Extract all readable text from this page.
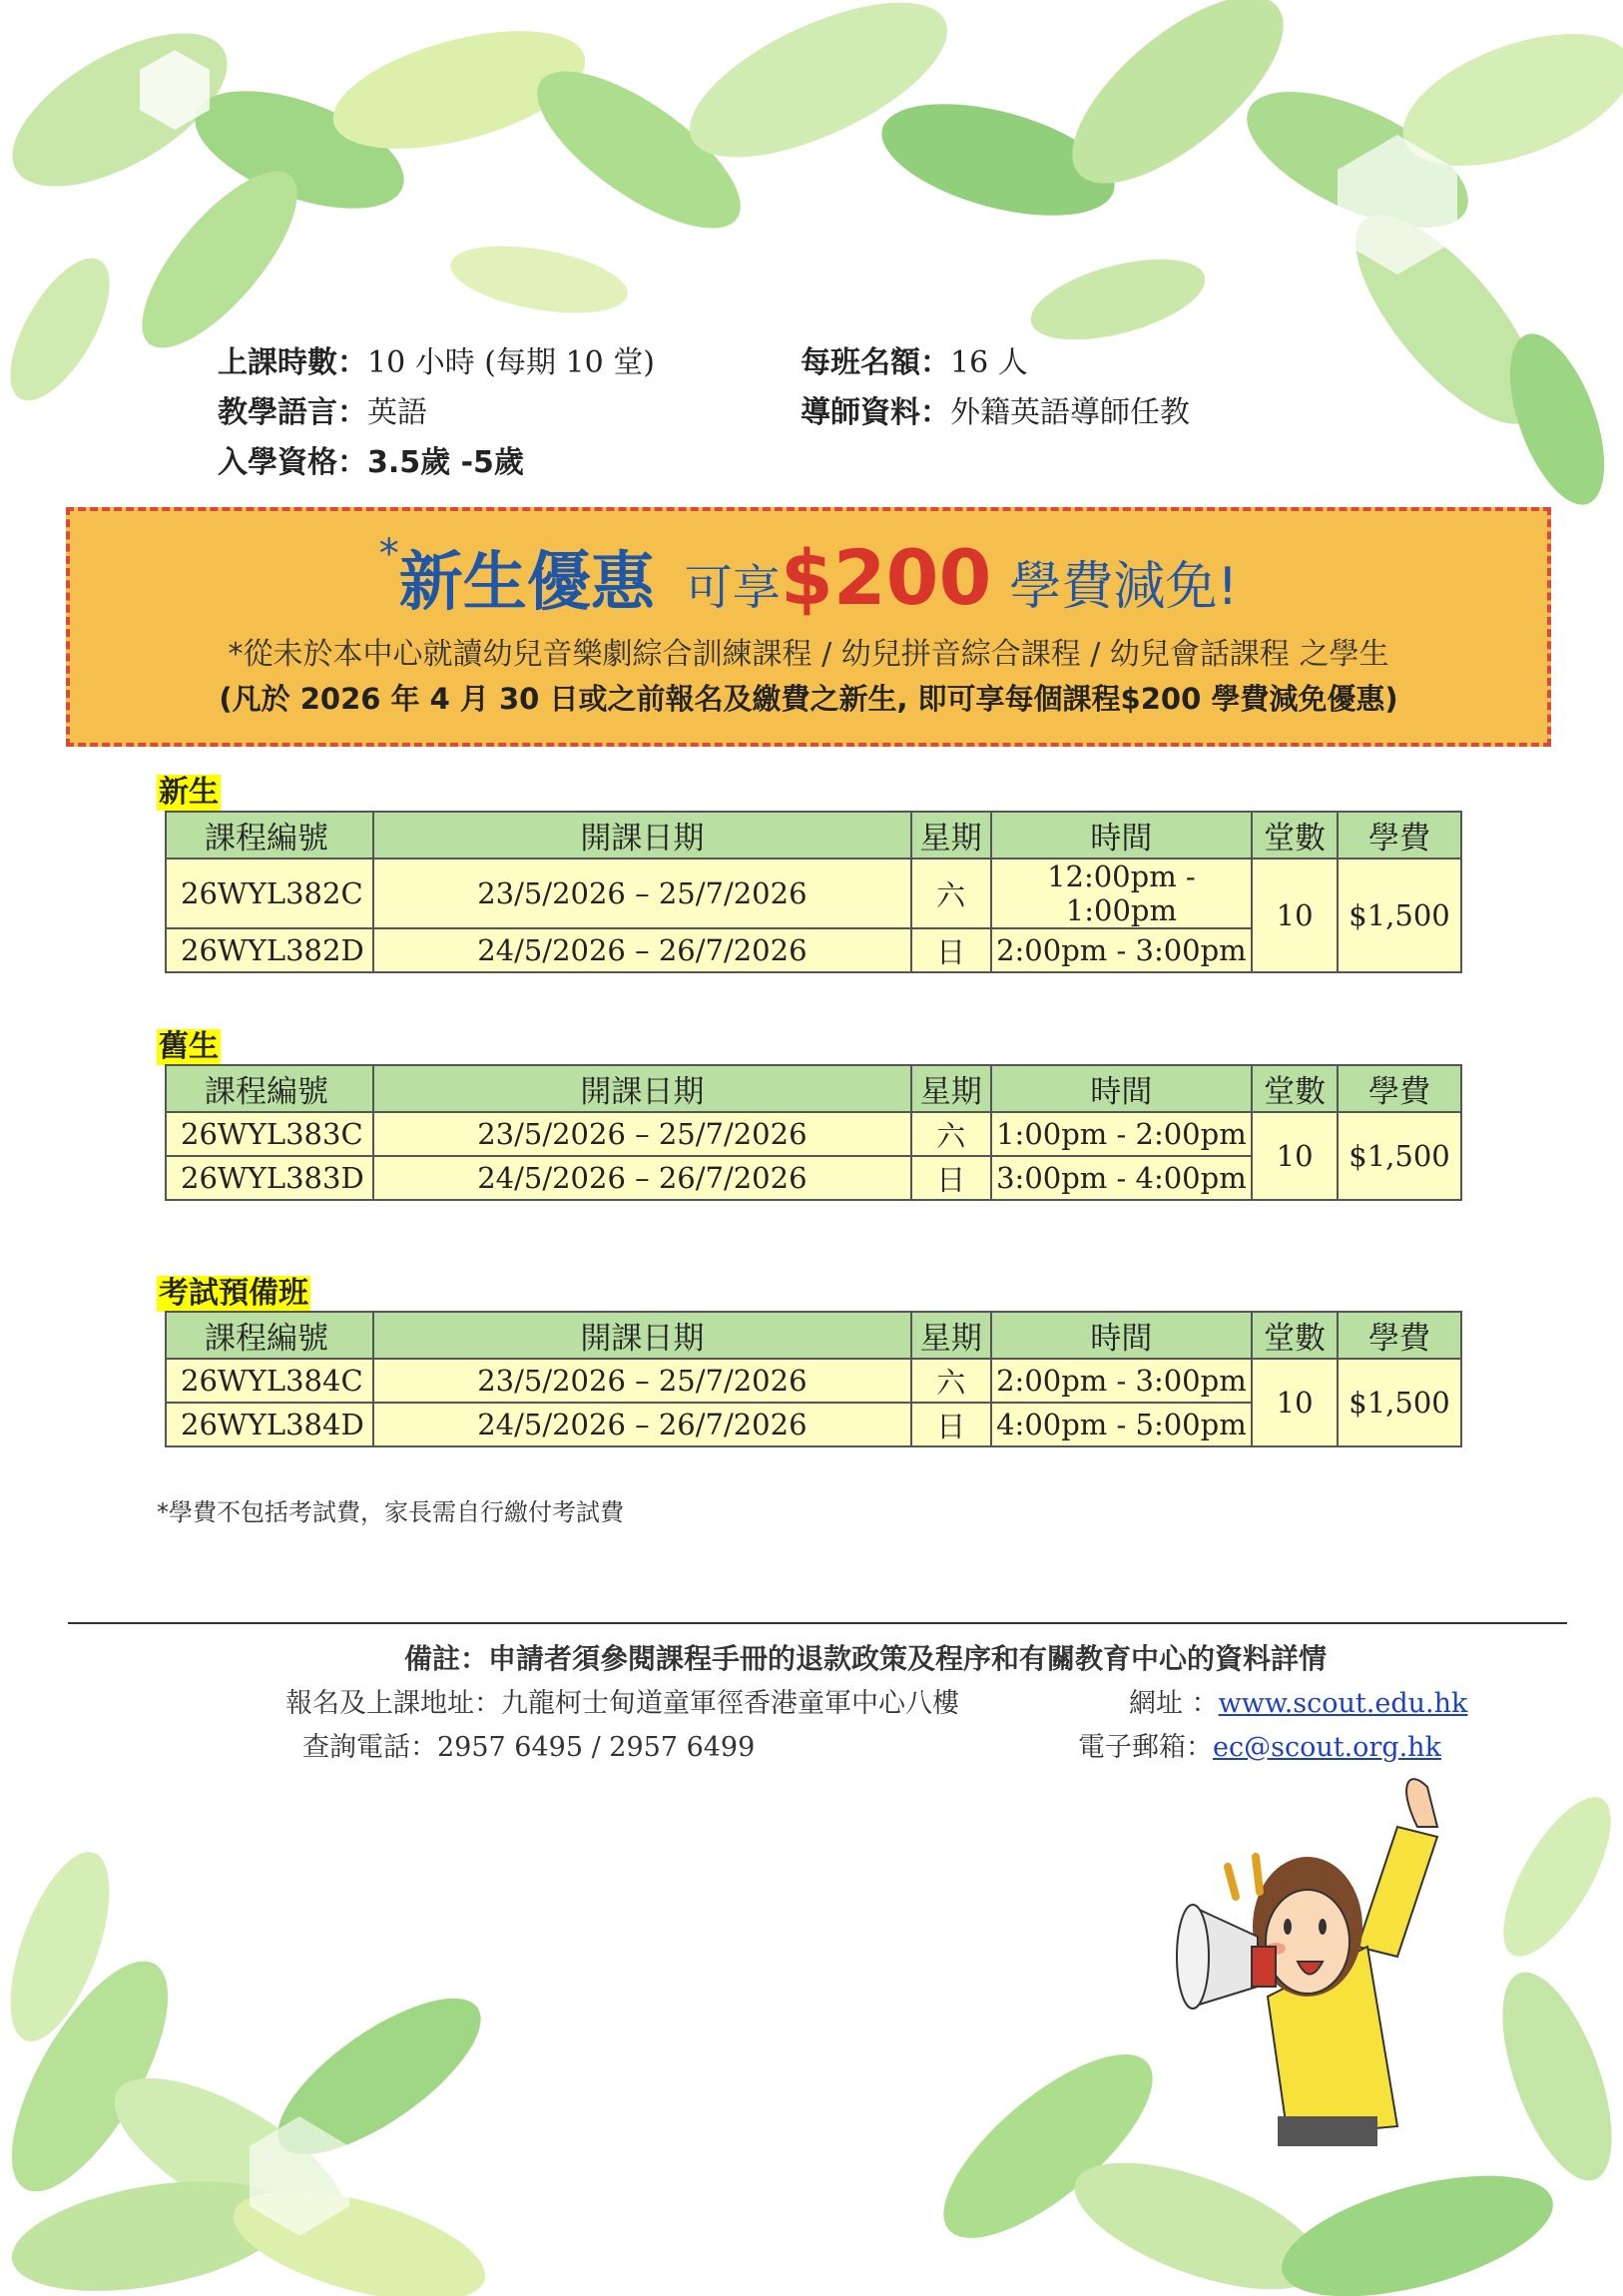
上課時數：10 小時 (每期 10 堂)
教學語言：英語
入學資格：3.5歲 -5歲
每班名額：16 人
導師資料：外籍英語導師任教
*新生優惠 可享$200 學費減免!
*從未於本中心就讀幼兒音樂劇綜合訓練課程 / 幼兒拼音綜合課程 / 幼兒會話課程 之學生
(凡於 2026 年 4 月 30 日或之前報名及繳費之新生, 即可享每個課程$200 學費減免優惠)
新生
課程編號	開課日期	星期	時間	堂數	學費
26WYL382C	23/5/2026 – 25/7/2026	六	12:00pm - 1:00pm	10	$1,500
26WYL382D	24/5/2026 – 26/7/2026	日	2:00pm - 3:00pm		
舊生
課程編號	開課日期	星期	時間	堂數	學費
26WYL383C	23/5/2026 – 25/7/2026	六	1:00pm - 2:00pm	10	$1,500
26WYL383D	24/5/2026 – 26/7/2026	日	3:00pm - 4:00pm		
考試預備班
課程編號	開課日期	星期	時間	堂數	學費
26WYL384C	23/5/2026 – 25/7/2026	六	2:00pm - 3:00pm	10	$1,500
26WYL384D	24/5/2026 – 26/7/2026	日	4:00pm - 5:00pm		
*學費不包括考試費，家長需自行繳付考試費
備註：申請者須參閱課程手冊的退款政策及程序和有關教育中心的資料詳情
報名及上課地址：九龍柯士甸道童軍徑香港童軍中心八樓
查詢電話：2957 6495 / 2957 6499
網址 ：www.scout.edu.hk
電子郵箱：ec@scout.org.hk
